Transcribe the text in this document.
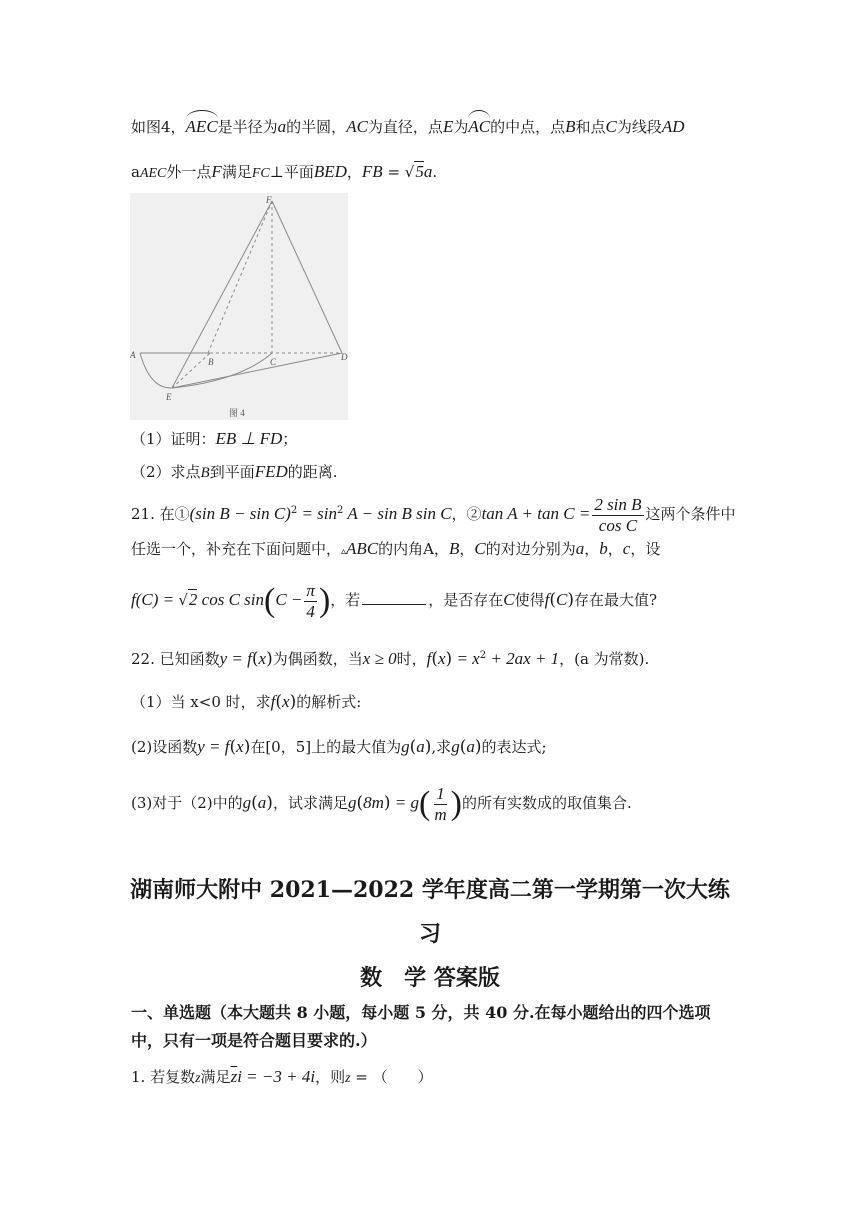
如图4，AEC是半径为a的半圆，AC为直径，点E为AC的中点，点B和点C为线段AD
aAEC外一点F满足FC⊥平面BED，FB = √5a.
F
A
B	C	D
E
图 4
（1）证明：EB ⊥ FD；
（2）求点B到平面FED的距离.
21. 在①(sin $B - \sin C)^2 = \sin^2 A - \sin B$ sin C，②tan $A + \tan C = \frac{\text{2 sin B}}{\text{cos C}}$ 这两个条件中
任选一个，补充在下面问题中，▵ABC的内角A，B，C的对边分别为a，b，c，设
f(C) = √2 cos C $\sin(C - \frac{\pi}{4}$ )，若	，是否存在C使得f(C)存在最大值?
22. 已知函数y = f(x)为偶函数，当x ≥ 0时，$f(x) = x^2 + 2ax + 1$，(a 为常数).
（1）当 x<0 时，求f(x)的解析式:
(2)设函数y = f(x)在[0，5]上的最大值为g(a),求g(a)的表达式;
(3)对于（2)中的g(a)，试求满足$g(8m) = g( \frac{1}{m}$ )的所有实数成的取值集合.
湖南师大附中 2021—2022 学年度高二第一学期第一次大练
习
数　学 答案版
一、单选题（本大题共 8 小题，每小题 5 分，共 40 分.在每小题给出的四个选项中，只有一项是符合题目要求的.）
1. 若复数z满足$\overline{z}i = -3 + 4i$，则z = （　　）
